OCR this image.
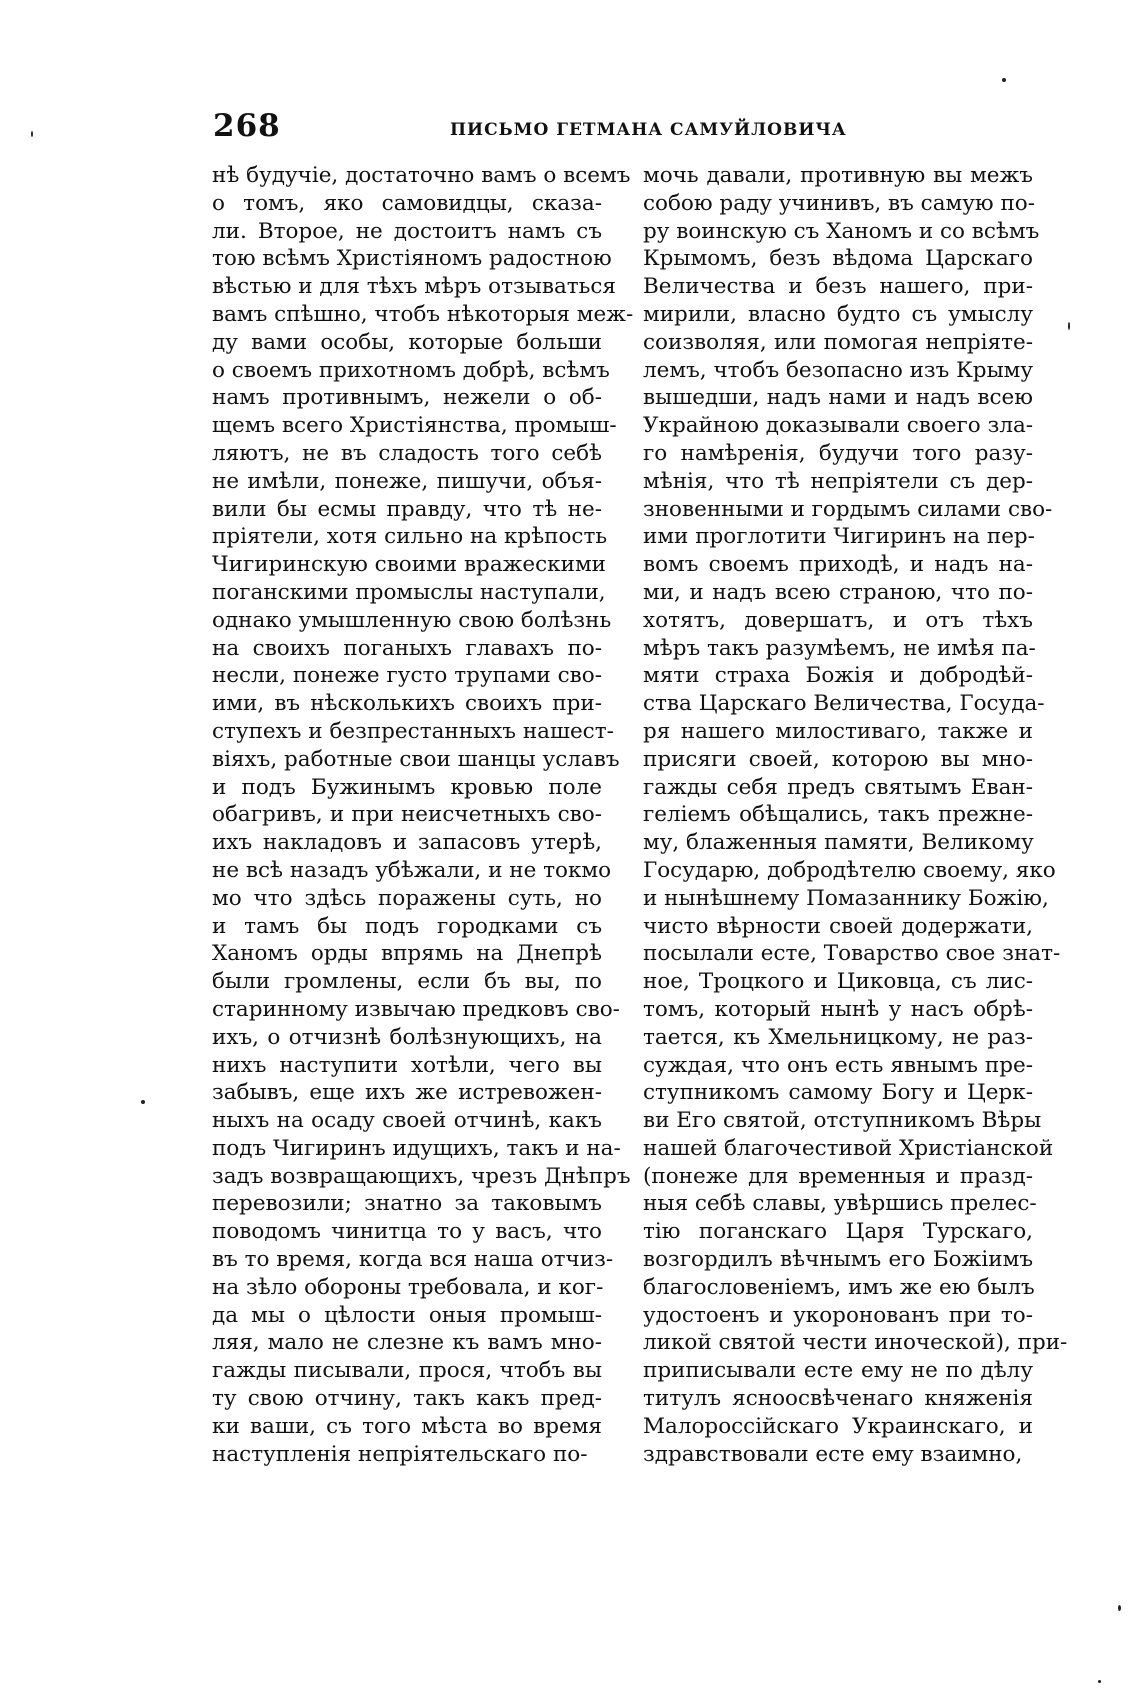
268	ПИСЬМО ГЕТМАНА САМУЙЛОВИЧА
нѣ будучіе, достаточно вамъ о всемъ
о томъ, яко самовидцы, сказа-
ли. Второе, не достоитъ намъ съ
тою всѣмъ Христіяномъ радостною
вѣстью и для тѣхъ мѣръ отзыватьcя
вамъ спѣшно, чтобъ нѣкоторыя меж-
ду вами особы, которые больши
о своемъ прихотномъ добрѣ, всѣмъ
намъ противнымъ, нежели о об-
щемъ всего Христіянства, промыш-
ляютъ, не въ сладость того себѣ
не имѣли, понеже, пишучи, объя-
вили бы есмы правду, что тѣ не-
пріятели, хотя сильно на крѣпость
Чигиринскую своими вражескими
поганскими промыслы наступали,
однако умышленную свою болѣзнь
на своихъ поганыхъ главахъ по-
несли, понеже густо трупами сво-
ими, въ нѣсколькихъ своихъ при-
ступехъ и безпрестанныхъ нашест-
віяхъ, работные свои шанцы уславъ
и подъ Бужинымъ кровью поле
обагривъ, и при неисчетныхъ сво-
ихъ накладовъ и запасовъ утерѣ,
не всѣ назадъ убѣжали, и не токмо
мо что здѣсь поражены суть, но
и тамъ бы подъ городками съ
Ханомъ орды впрямь на Днепрѣ
были громлены, если бъ вы, по
старинному извычаю предковъ сво-
ихъ, о отчизнѣ болѣзнующихъ, на
нихъ наступити хотѣли, чего вы
забывъ, еще ихъ же истревожен-
ныхъ на осаду своей отчинѣ, какъ
подъ Чигиринъ идущихъ, такъ и на-
задъ возвращающихъ, чрезъ Днѣпръ
перевозили; знатно за таковымъ
поводомъ чинитца то у васъ, что
въ то время, когда вся наша отчиз-
на зѣло обороны требовала, и ког-
да мы о цѣлости оныя промыш-
ляя, мало не слезне къ вамъ мно-
гажды писывали, прося, чтобъ вы
ту свою отчину, такъ какъ пред-
ки ваши, съ того мѣста во время
наступленія непріятельскаго по-
мочь давали, противную вы межъ
собою раду учинивъ, въ самую по-
ру воинскую съ Ханомъ и со всѣмъ
Крымомъ, безъ вѣдома Царскаго
Величества и безъ нашего, при-
мирили, власно будто съ умыслу
соизволяя, или помогая непріяте-
лемъ, чтобъ безопасно изъ Крыму
вышедши, надъ нами и надъ всею
Украйною доказывали своего зла-
го намѣренія, будучи того разу-
мѣнія, что тѣ непріятели съ дер-
зновенными и гордымъ силами сво-
ими проглотити Чигиринъ на пер-
вомъ своемъ приходѣ, и надъ на-
ми, и надъ всею страною, что по-
хотятъ, довершатъ, и отъ тѣхъ
мѣръ такъ разумѣемъ, не имѣя па-
мяти страха Божія и добродѣй-
ства Царскаго Величества, Госуда-
ря нашего милостиваго, также и
присяги своей, которою вы мно-
гажды себя предъ святымъ Еван-
геліемъ обѣщались, такъ прежне-
му, блаженныя памяти, Великому
Государю, добродѣтелю своему, яко
и нынѣшнему Помазаннику Божію,
чисто вѣрности своей додержати,
посылали есте, Товарство свое знат-
ное, Троцкого и Циковца, съ лис-
томъ, который нынѣ у насъ обрѣ-
тается, къ Хмельницкому, не раз-
суждая, что онъ есть явнымъ пре-
ступникомъ самому Богу и Церк-
ви Его святой, отступникомъ Вѣры
нашей благочестивой Христіанской
(понеже для временныя и празд-
ныя себѣ славы, увѣршись прелес-
тію поганскаго Царя Турскаго,
возгордилъ вѣчнымъ его Божіимъ
благословеніемъ, имъ же ею былъ
удостоенъ и укоронованъ при то-
ликой святой чести иноческой), при-
приписывали есте ему не по дѣлу
титулъ ясноосвѣченаго княженія
Малороссійскаго Украинскаго, и
здравствовали есте ему взаимно,
